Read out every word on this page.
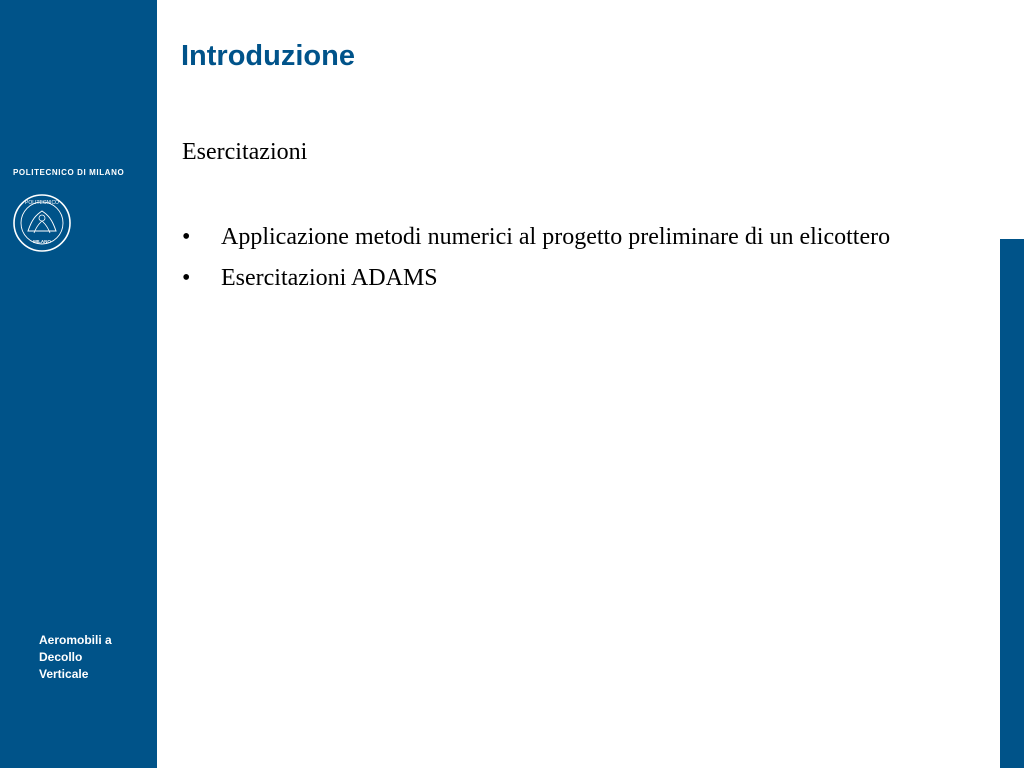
POLITECNICO DI MILANO
POLITECNICO
MILANO
Aeromobili a
Decollo
Verticale
Introduzione

Esercitazioni

• Applicazione metodi numerici al progetto preliminare di un elicottero
• Esercitazioni ADAMS
